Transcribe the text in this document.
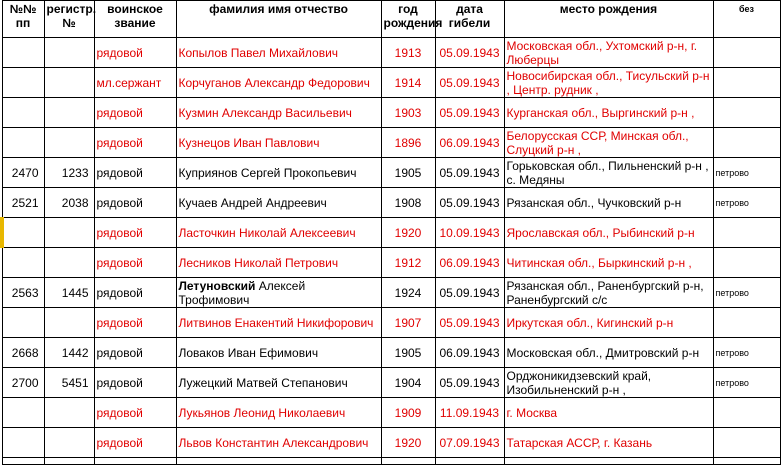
№№ пп	регистр. №	воинское звание	фамилия имя отчество	год рождения	дата гибели	место рождения	без
		рядовой	Копылов Павел Михайлович	1913	05.09.1943	Московская обл., Ухтомский р-н, г. Люберцы	
		мл.сержант	Корчуганов Александр Федорович	1914	05.09.1943	Новосибирская обл., Тисульский р-н , Центр. рудник ,	
		рядовой	Кузмин Александр Васильевич	1903	05.09.1943	Курганская обл., Выргинский р-н ,	
		рядовой	Кузнецов Иван Павлович	1896	06.09.1943	Белорусская ССР, Минская обл., Слуцкий р-н ,	
2470	1233	рядовой	Куприянов Сергей Прокопьевич	1905	05.09.1943	Горьковская обл., Пильненский р-н , с. Медяны	петрово
2521	2038	рядовой	Кучаев Андрей Андреевич	1908	05.09.1943	Рязанская обл., Чучковский р-н	петрово
		рядовой	Ласточкин Николай Алексеевич	1920	10.09.1943	Ярославская обл., Рыбинский р-н	
		рядовой	Лесников Николай Петрович	1912	06.09.1943	Читинская обл., Быркинский р-н ,	
2563	1445	рядовой	Летуновский Алексей Трофимович	1924	05.09.1943	Рязанская обл., Раненбургский р-н, Раненбургский с/с	петрово
		рядовой	Литвинов Енакентий Никифорович	1907	05.09.1943	Иркутская обл., Кигинский р-н	
2668	1442	рядовой	Ловаков Иван Ефимович	1905	06.09.1943	Московская обл., Дмитровский р-н	петрово
2700	5451	рядовой	Лужецкий Матвей Степанович	1904	05.09.1943	Орджоникидзевский край, Изобильненский р-н ,	петрово
		рядовой	Лукьянов Леонид Николаевич	1909	11.09.1943	г. Москва	
		рядовой	Львов Константин Александрович	1920	07.09.1943	Татарская АССР, г. Казань	
